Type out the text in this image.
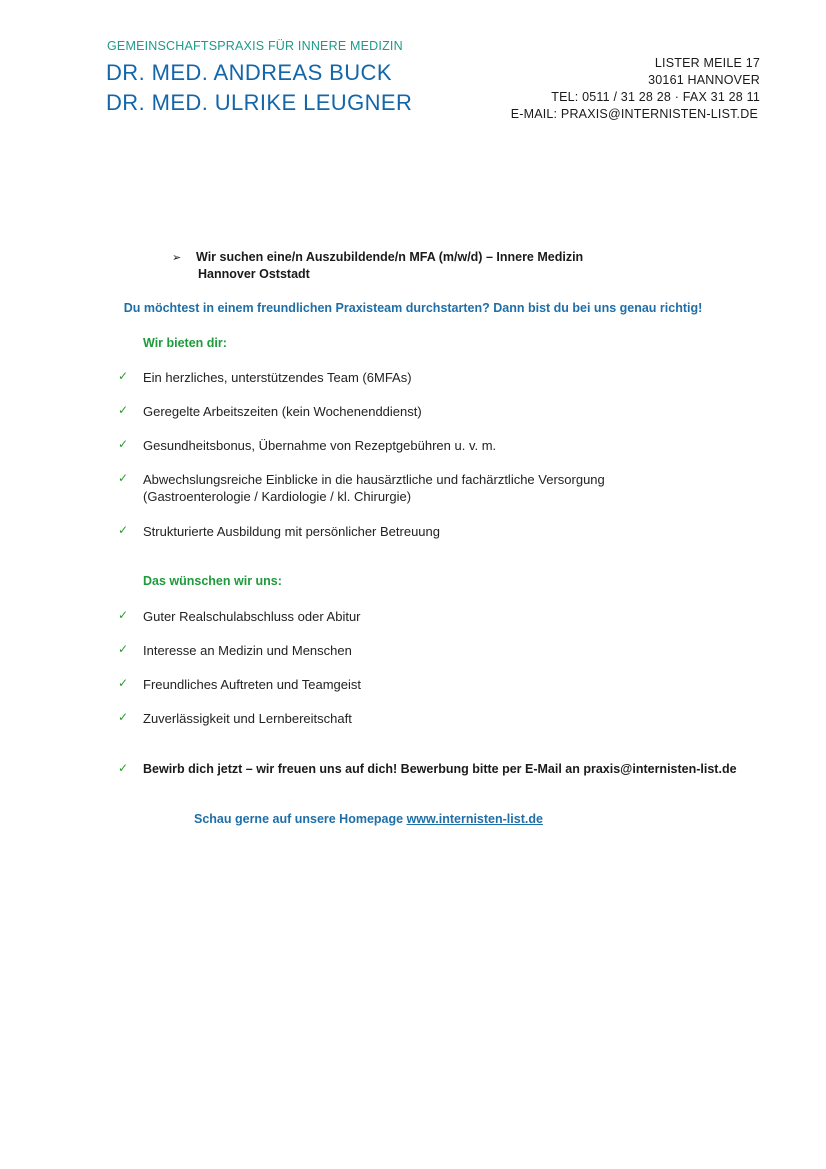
GEMEINSCHAFTSPRAXIS FÜR INNERE MEDIZIN
DR. MED. ANDREAS BUCK
DR. MED. ULRIKE LEUGNER
LISTER MEILE 17
30161 HANNOVER
TEL: 0511 / 31 28 28 · FAX 31 28 11
E-MAIL: PRAXIS@INTERNISTEN-LIST.DE
➢ Wir suchen eine/n Auszubildende/n MFA (m/w/d) – Innere Medizin
Hannover Oststadt
Du möchtest in einem freundlichen Praxisteam durchstarten? Dann bist du bei uns genau richtig!
Wir bieten dir:
✓ Ein herzliches, unterstützendes Team (6MFAs)
✓ Geregelte Arbeitszeiten (kein Wochenenddienst)
✓ Gesundheitsbonus, Übernahme von Rezeptgebühren u. v. m.
✓ Abwechslungsreiche Einblicke in die hausärztliche und fachärztliche Versorgung (Gastroenterologie / Kardiologie / kl. Chirurgie)
✓ Strukturierte Ausbildung mit persönlicher Betreuung
Das wünschen wir uns:
✓ Guter Realschulabschluss oder Abitur
✓ Interesse an Medizin und Menschen
✓ Freundliches Auftreten und Teamgeist
✓ Zuverlässigkeit und Lernbereitschaft
✓ Bewirb dich jetzt – wir freuen uns auf dich! Bewerbung bitte per E-Mail an praxis@internisten-list.de
Schau gerne auf unsere Homepage www.internisten-list.de
